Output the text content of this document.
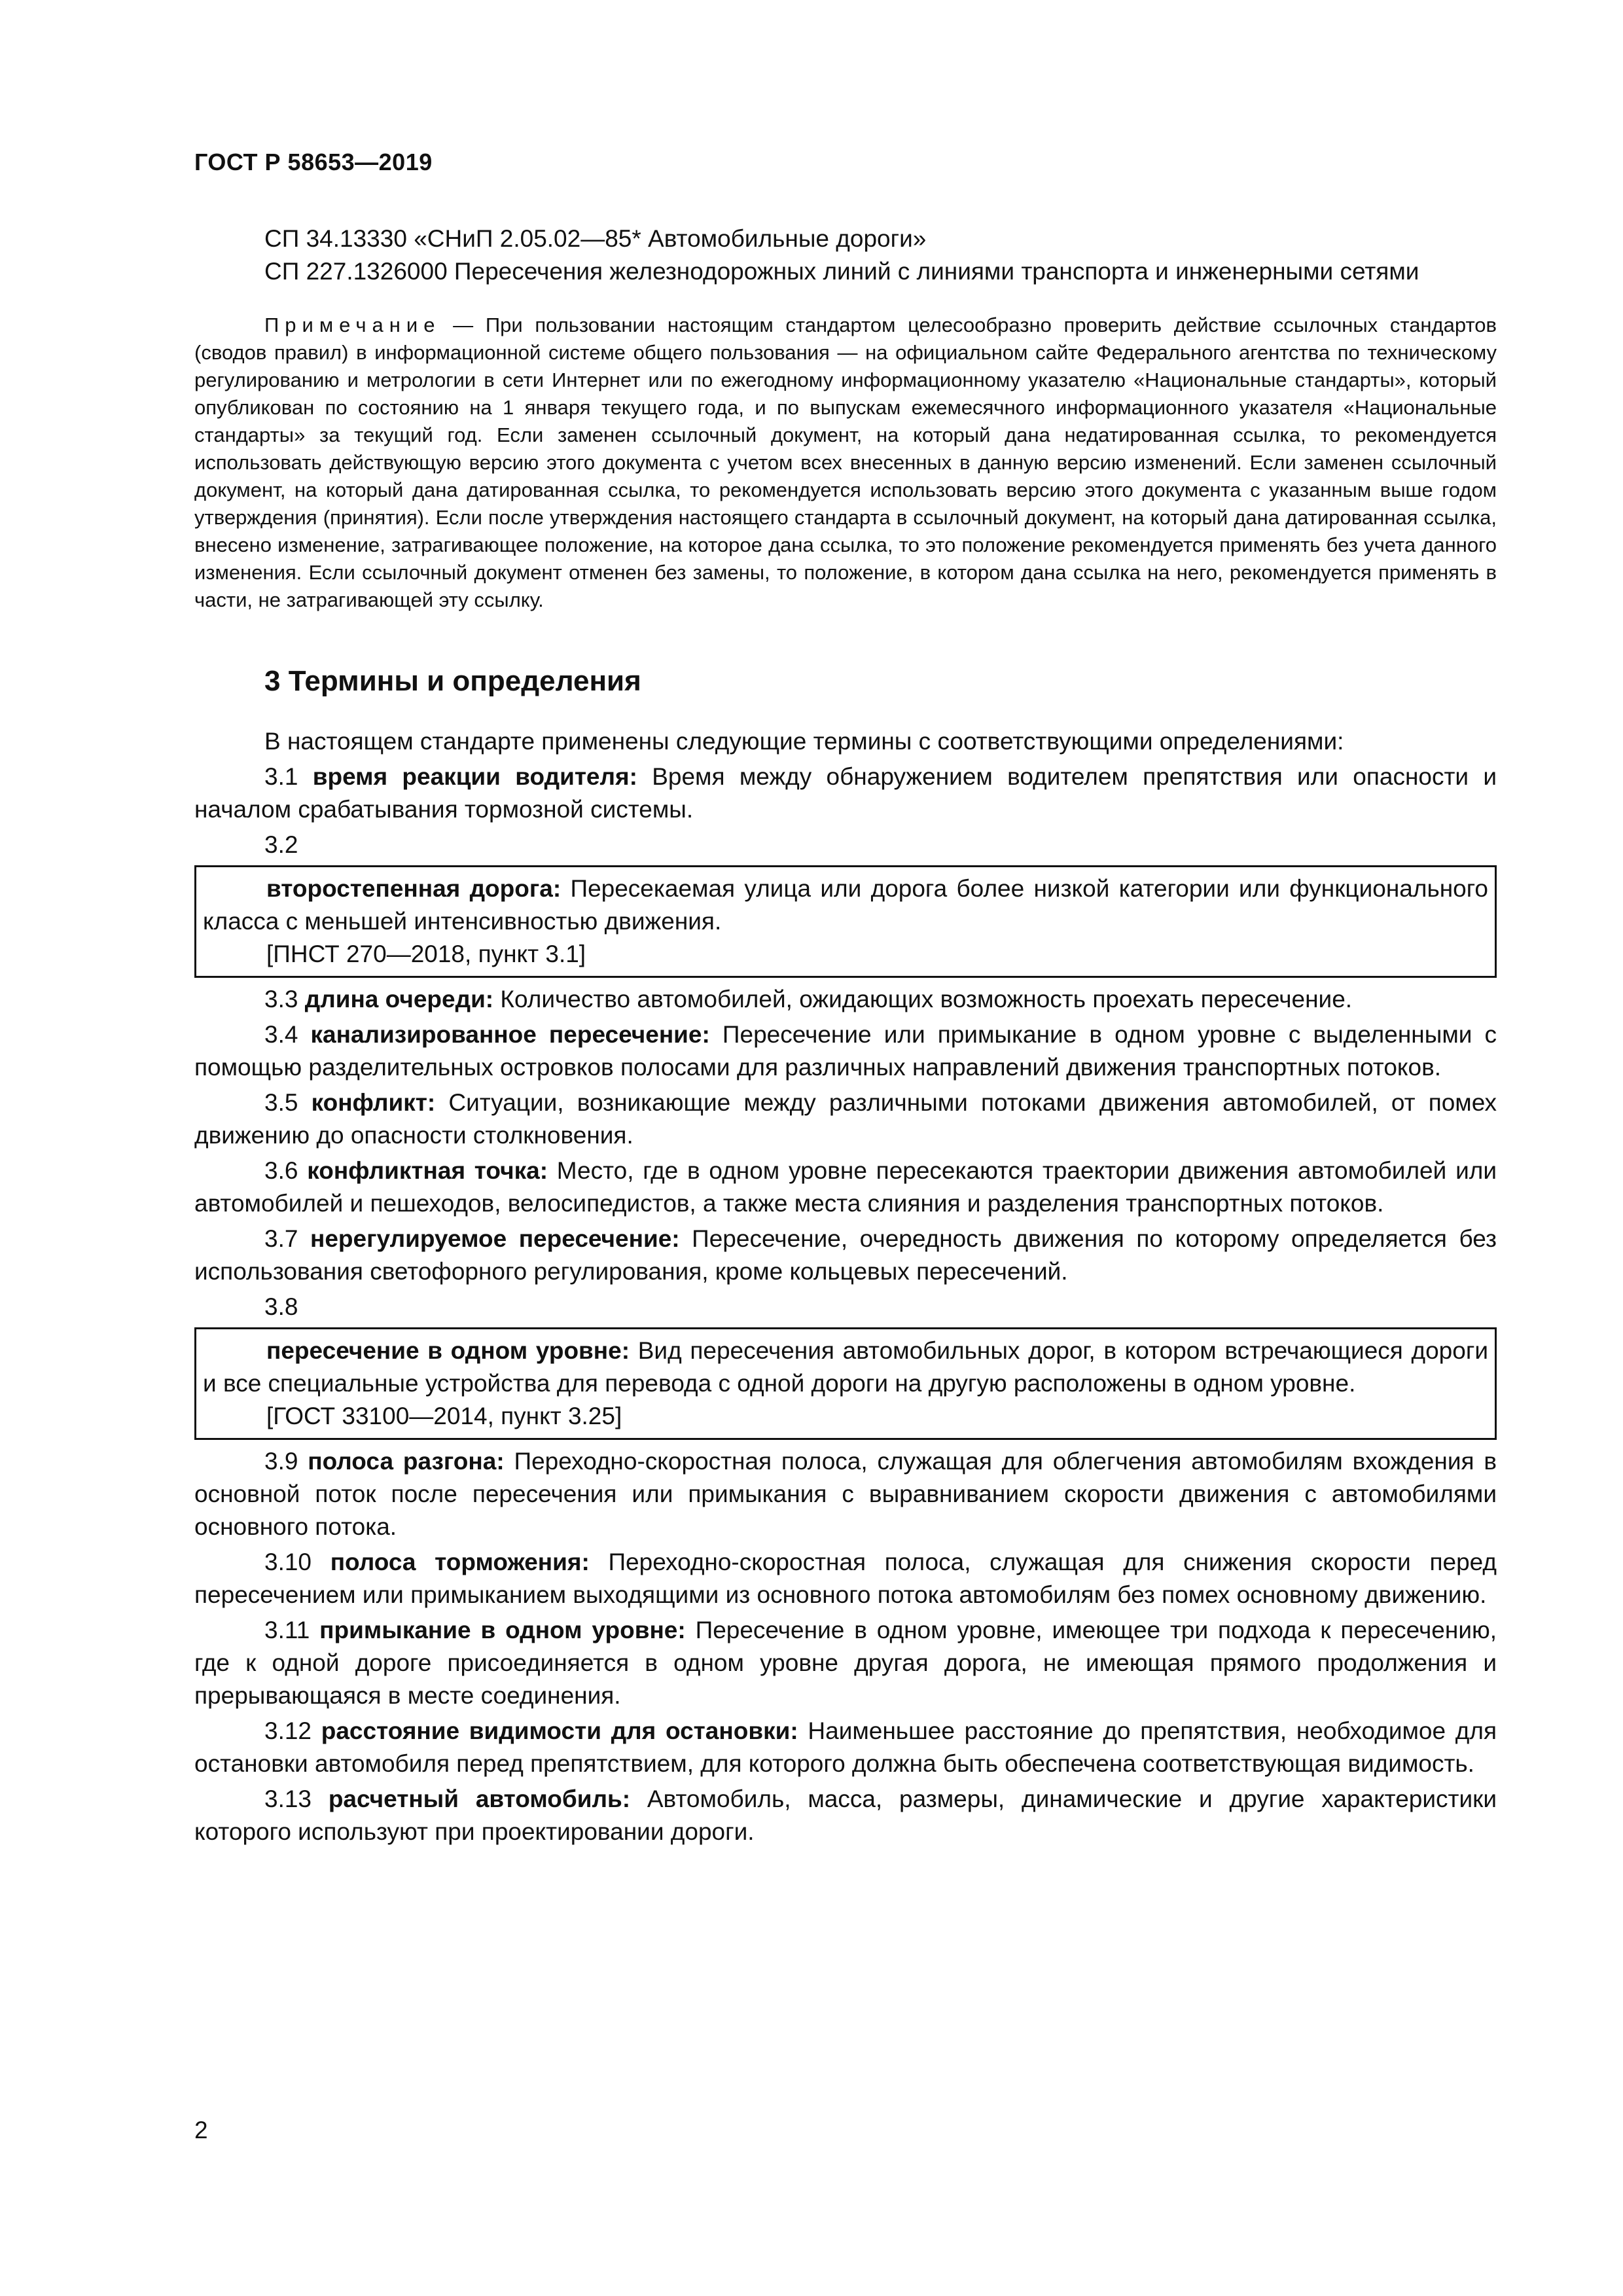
ГОСТ Р 58653—2019

СП 34.13330 «СНиП 2.05.02—85* Автомобильные дороги»

СП 227.1326000 Пересечения железнодорожных линий с линиями транспорта и инженерными сетями

Примечание — При пользовании настоящим стандартом целесообразно проверить действие ссылочных стандартов (сводов правил) в информационной системе общего пользования — на официальном сайте Федерального агентства по техническому регулированию и метрологии в сети Интернет или по ежегодному информационному указателю «Национальные стандарты», который опубликован по состоянию на 1 января текущего года, и по выпускам ежемесячного информационного указателя «Национальные стандарты» за текущий год. Если заменен ссылочный документ, на который дана недатированная ссылка, то рекомендуется использовать действующую версию этого документа с учетом всех внесенных в данную версию изменений. Если заменен ссылочный документ, на который дана датированная ссылка, то рекомендуется использовать версию этого документа с указанным выше годом утверждения (принятия). Если после утверждения настоящего стандарта в ссылочный документ, на который дана датированная ссылка, внесено изменение, затрагивающее положение, на которое дана ссылка, то это положение рекомендуется применять без учета данного изменения. Если ссылочный документ отменен без замены, то положение, в котором дана ссылка на него, рекомендуется применять в части, не затрагивающей эту ссылку.

3 Термины и определения

В настоящем стандарте применены следующие термины с соответствующими определениями:

3.1 время реакции водителя: Время между обнаружением водителем препятствия или опасности и началом срабатывания тормозной системы.

3.2

второстепенная дорога: Пересекаемая улица или дорога более низкой категории или функционального класса с меньшей интенсивностью движения.

[ПНСТ 270—2018, пункт 3.1]

3.3 длина очереди: Количество автомобилей, ожидающих возможность проехать пересечение.

3.4 канализированное пересечение: Пересечение или примыкание в одном уровне с выделенными с помощью разделительных островков полосами для различных направлений движения транспортных потоков.

3.5 конфликт: Ситуации, возникающие между различными потоками движения автомобилей, от помех движению до опасности столкновения.

3.6 конфликтная точка: Место, где в одном уровне пересекаются траектории движения автомобилей или автомобилей и пешеходов, велосипедистов, а также места слияния и разделения транспортных потоков.

3.7 нерегулируемое пересечение: Пересечение, очередность движения по которому определяется без использования светофорного регулирования, кроме кольцевых пересечений.

3.8

пересечение в одном уровне: Вид пересечения автомобильных дорог, в котором встречающиеся дороги и все специальные устройства для перевода с одной дороги на другую расположены в одном уровне.

[ГОСТ 33100—2014, пункт 3.25]

3.9 полоса разгона: Переходно-скоростная полоса, служащая для облегчения автомобилям вхождения в основной поток после пересечения или примыкания с выравниванием скорости движения с автомобилями основного потока.

3.10 полоса торможения: Переходно-скоростная полоса, служащая для снижения скорости перед пересечением или примыканием выходящими из основного потока автомобилям без помех основному движению.

3.11 примыкание в одном уровне: Пересечение в одном уровне, имеющее три подхода к пересечению, где к одной дороге присоединяется в одном уровне другая дорога, не имеющая прямого продолжения и прерывающаяся в месте соединения.

3.12 расстояние видимости для остановки: Наименьшее расстояние до препятствия, необходимое для остановки автомобиля перед препятствием, для которого должна быть обеспечена соответствующая видимость.

3.13 расчетный автомобиль: Автомобиль, масса, размеры, динамические и другие характеристики которого используют при проектировании дороги.

2
